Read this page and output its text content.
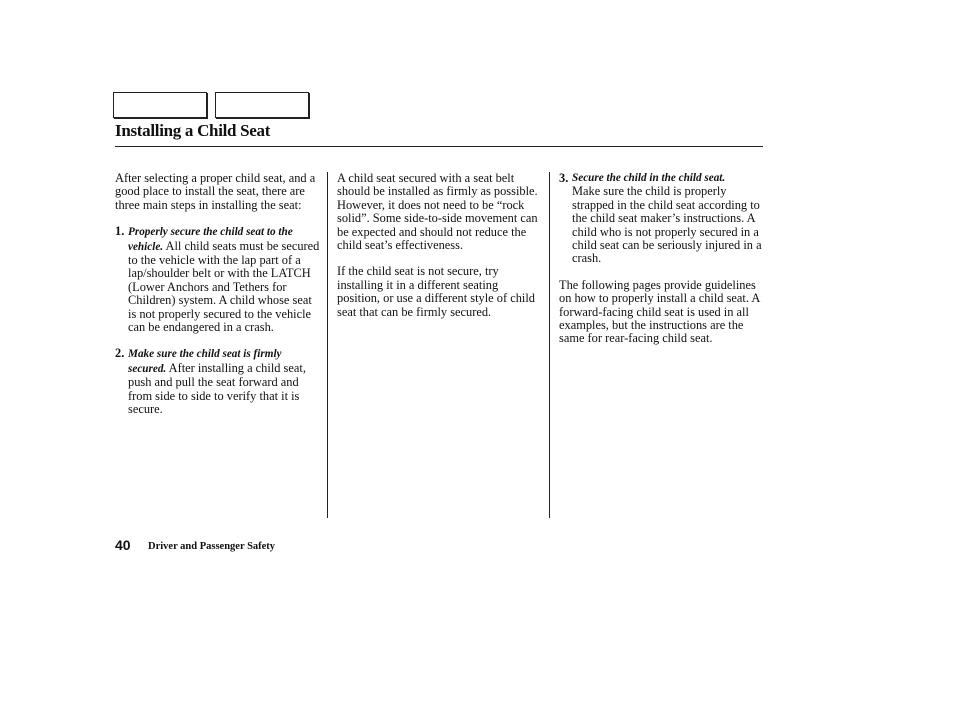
Installing a Child Seat

After selecting a proper child seat, and a good place to install the seat, there are three main steps in installing the seat:

1. Properly secure the child seat to the vehicle. All child seats must be secured to the vehicle with the lap part of a lap/shoulder belt or with the LATCH (Lower Anchors and Tethers for Children) system. A child whose seat is not properly secured to the vehicle can be endangered in a crash.
2. Make sure the child seat is firmly secured. After installing a child seat, push and pull the seat forward and from side to side to verify that it is secure.

A child seat secured with a seat belt should be installed as firmly as possible. However, it does not need to be “rock solid”. Some side-to-side movement can be expected and should not reduce the child seat’s effectiveness.

If the child seat is not secure, try installing it in a different seating position, or use a different style of child seat that can be firmly secured.

3. Secure the child in the child seat.
Make sure the child is properly strapped in the child seat according to the child seat maker’s instructions. A child who is not properly secured in a child seat can be seriously injured in a crash.

The following pages provide guidelines on how to properly install a child seat. A forward-facing child seat is used in all examples, but the instructions are the same for rear-facing child seat.

40 Driver and Passenger Safety
